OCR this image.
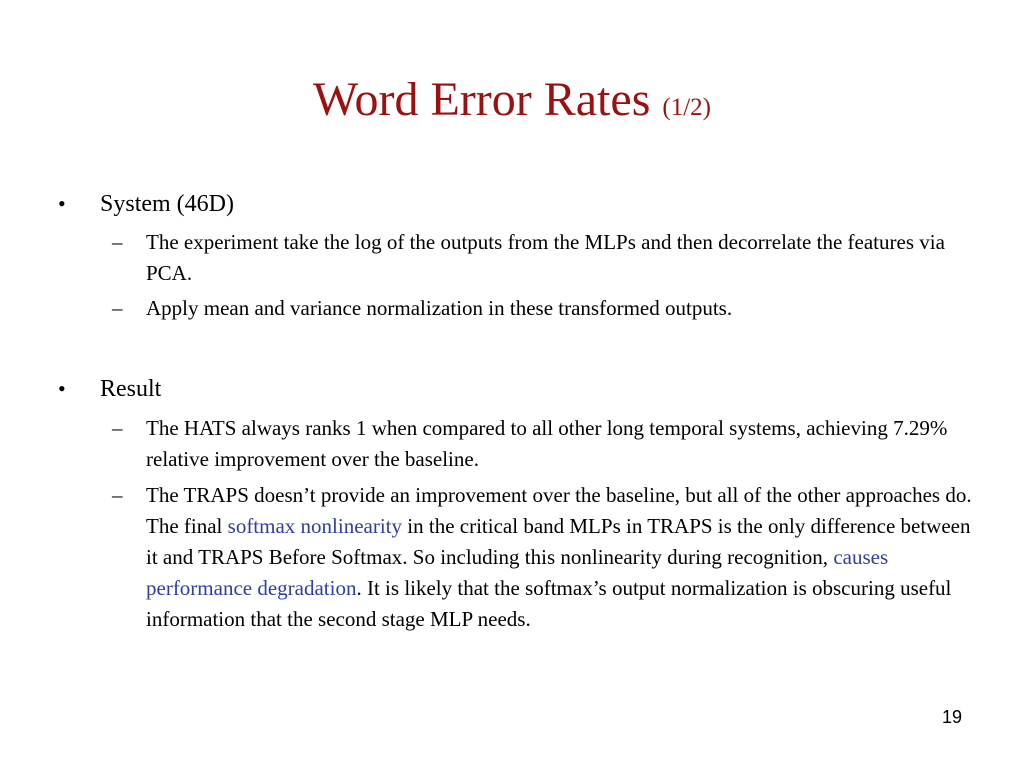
Word Error Rates (1/2)
•	System (46D)
–	The experiment take the log of the outputs from the MLPs and then decorrelate the features via PCA.
–	Apply mean and variance normalization in these transformed outputs.
•	Result
–	The HATS always ranks 1 when compared to all other long temporal systems, achieving 7.29% relative improvement over the baseline.
–	The TRAPS doesn’t provide an improvement over the baseline, but all of the other approaches do. The final softmax nonlinearity in the critical band MLPs in TRAPS is the only difference between it and TRAPS Before Softmax. So including this nonlinearity during recognition, causes performance degradation. It is likely that the softmax’s output normalization is obscuring useful information that the second stage MLP needs.
19
